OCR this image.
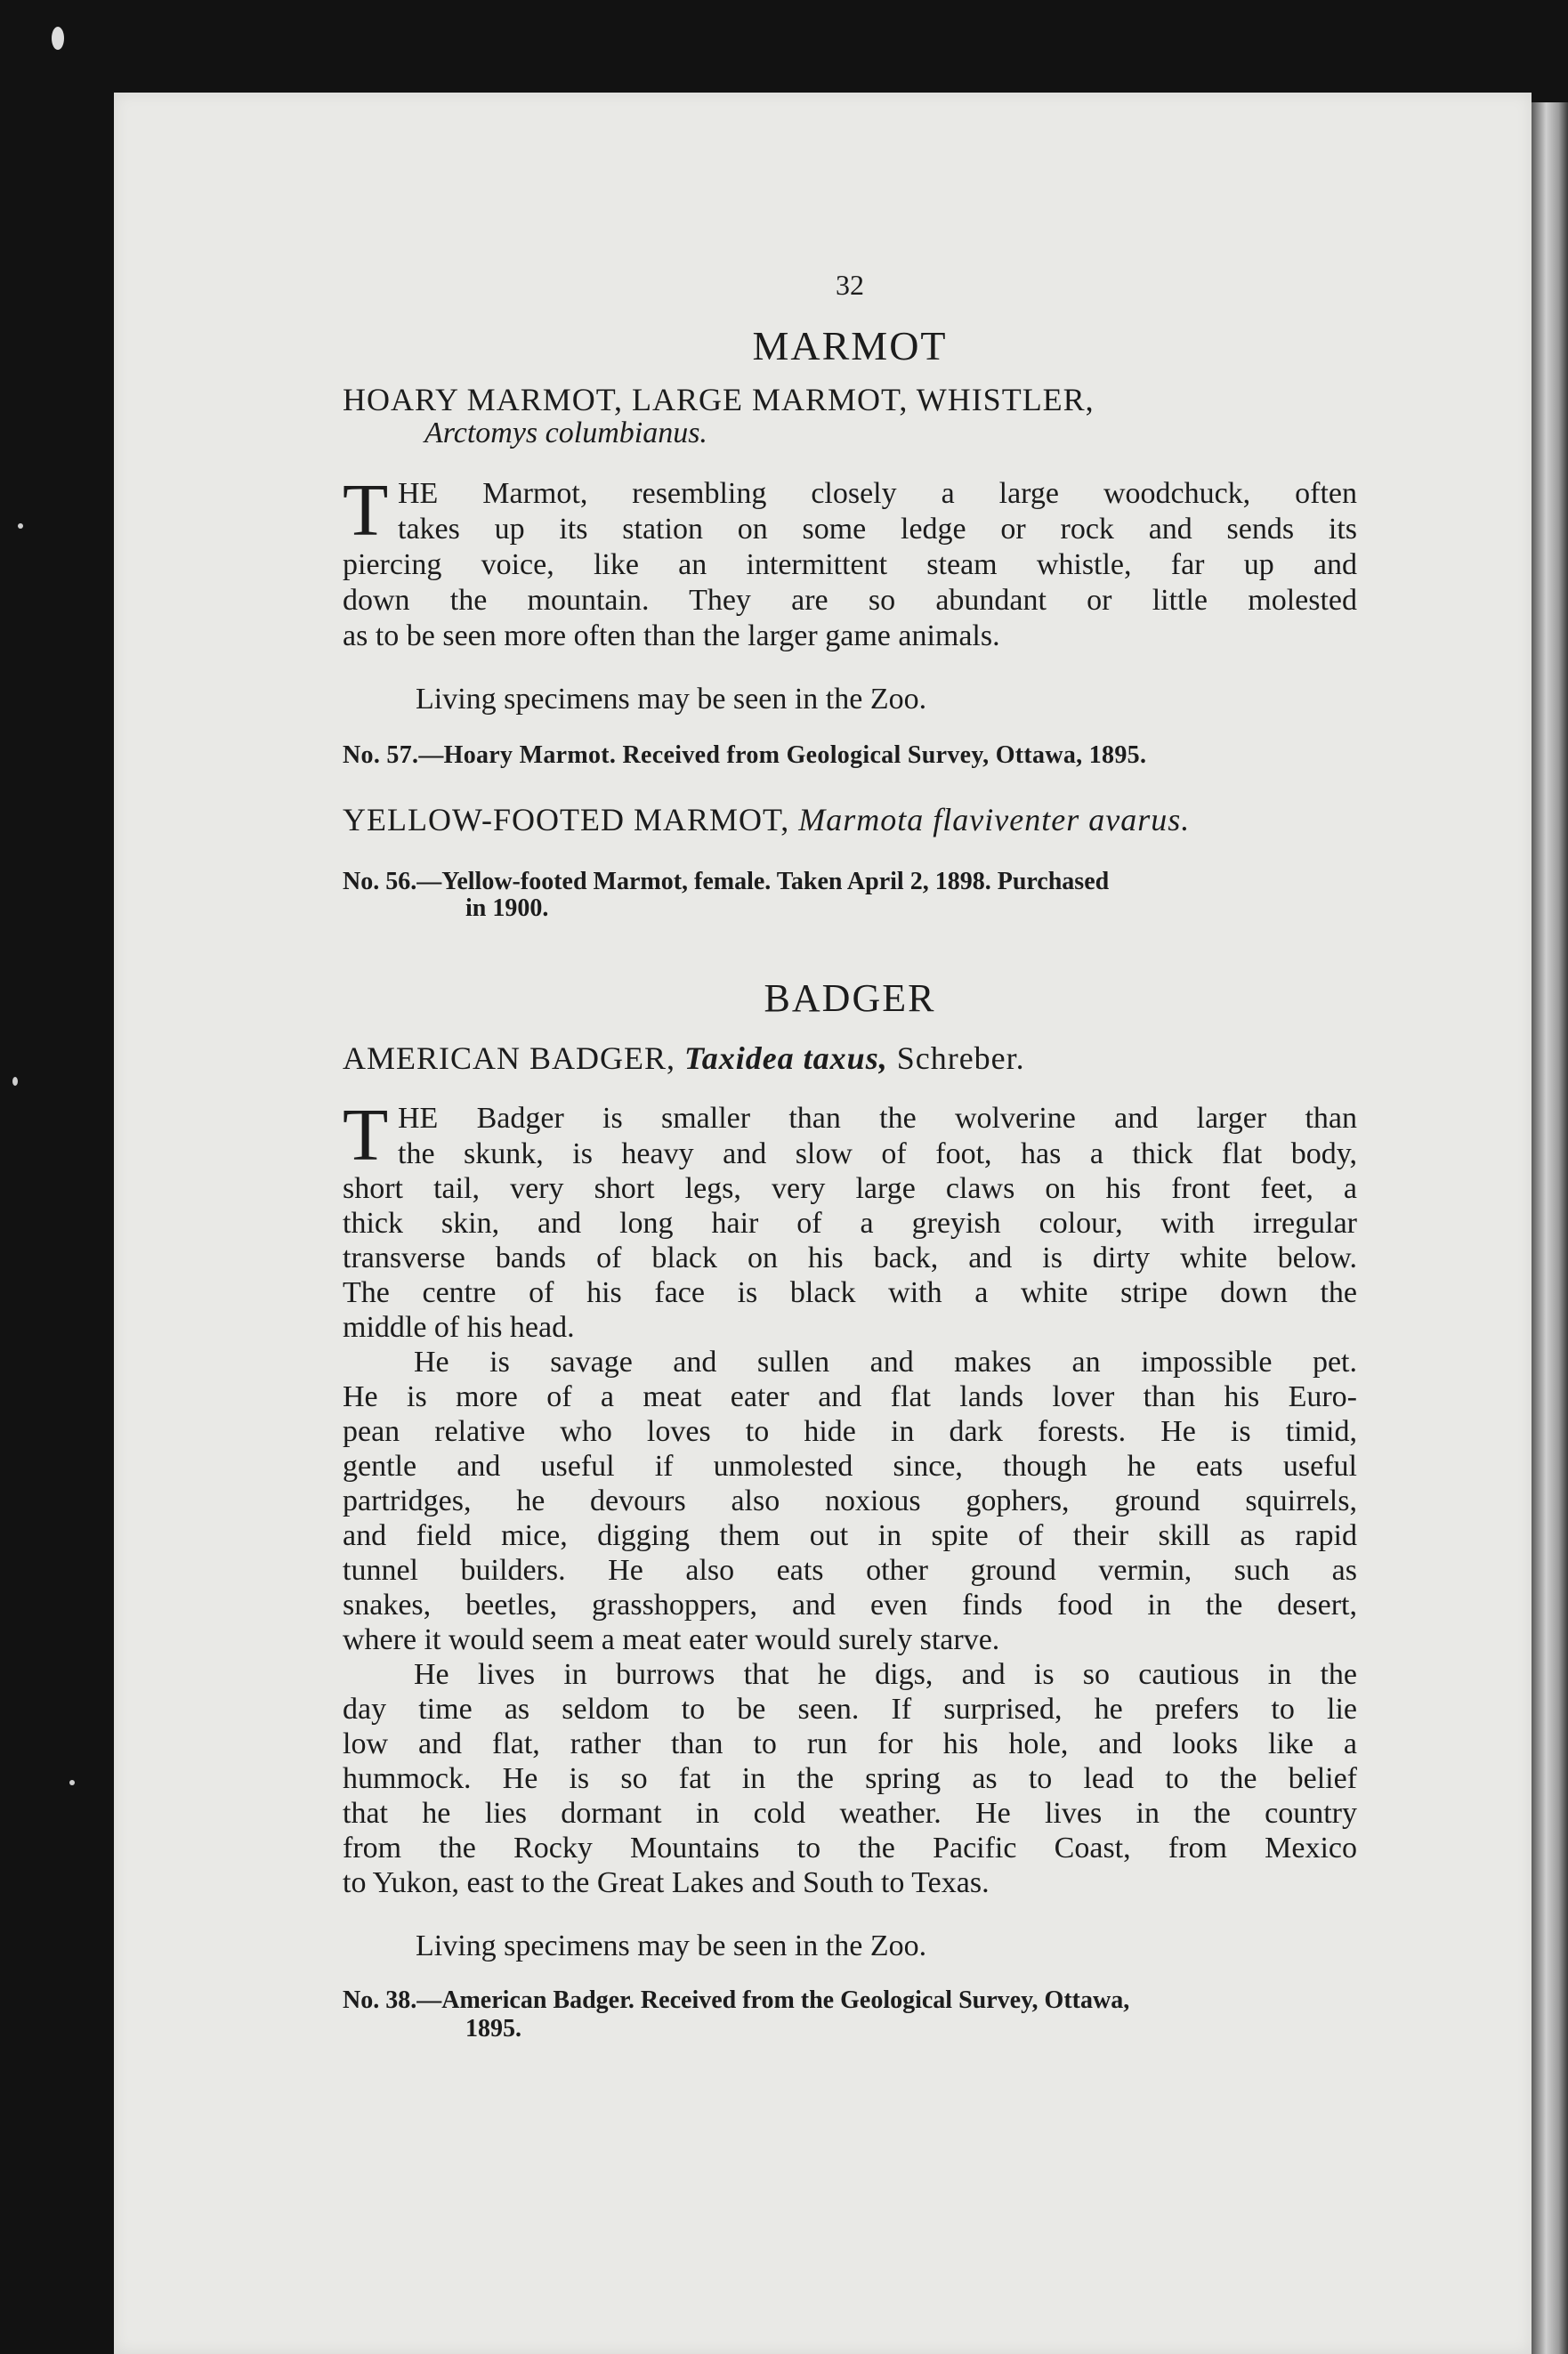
32
MARMOT
HOARY MARMOT, LARGE MARMOT, WHISTLER,
Arctomys columbianus.
T HE Marmot, resembling closely a large woodchuck, often
takes up its station on some ledge or rock and sends its
piercing voice, like an intermittent steam whistle, far up and
down the mountain. They are so abundant or little molested
as to be seen more often than the larger game animals.
Living specimens may be seen in the Zoo.
No. 57.—Hoary Marmot. Received from Geological Survey, Ottawa, 1895.
YELLOW-FOOTED MARMOT, Marmota flaviventer avarus.
No. 56.—Yellow-footed Marmot, female. Taken April 2, 1898. Purchased
in 1900.
BADGER
AMERICAN BADGER, Taxidea taxus, Schreber.
T HE Badger is smaller than the wolverine and larger than
the skunk, is heavy and slow of foot, has a thick flat body,
short tail, very short legs, very large claws on his front feet, a
thick skin, and long hair of a greyish colour, with irregular
transverse bands of black on his back, and is dirty white below.
The centre of his face is black with a white stripe down the
middle of his head.
He is savage and sullen and makes an impossible pet.
He is more of a meat eater and flat lands lover than his Euro-
pean relative who loves to hide in dark forests. He is timid,
gentle and useful if unmolested since, though he eats useful
partridges, he devours also noxious gophers, ground squirrels,
and field mice, digging them out in spite of their skill as rapid
tunnel builders. He also eats other ground vermin, such as
snakes, beetles, grasshoppers, and even finds food in the desert,
where it would seem a meat eater would surely starve.
He lives in burrows that he digs, and is so cautious in the
day time as seldom to be seen. If surprised, he prefers to lie
low and flat, rather than to run for his hole, and looks like a
hummock. He is so fat in the spring as to lead to the belief
that he lies dormant in cold weather. He lives in the country
from the Rocky Mountains to the Pacific Coast, from Mexico
to Yukon, east to the Great Lakes and South to Texas.
Living specimens may be seen in the Zoo.
No. 38.—American Badger. Received from the Geological Survey, Ottawa,
1895.
